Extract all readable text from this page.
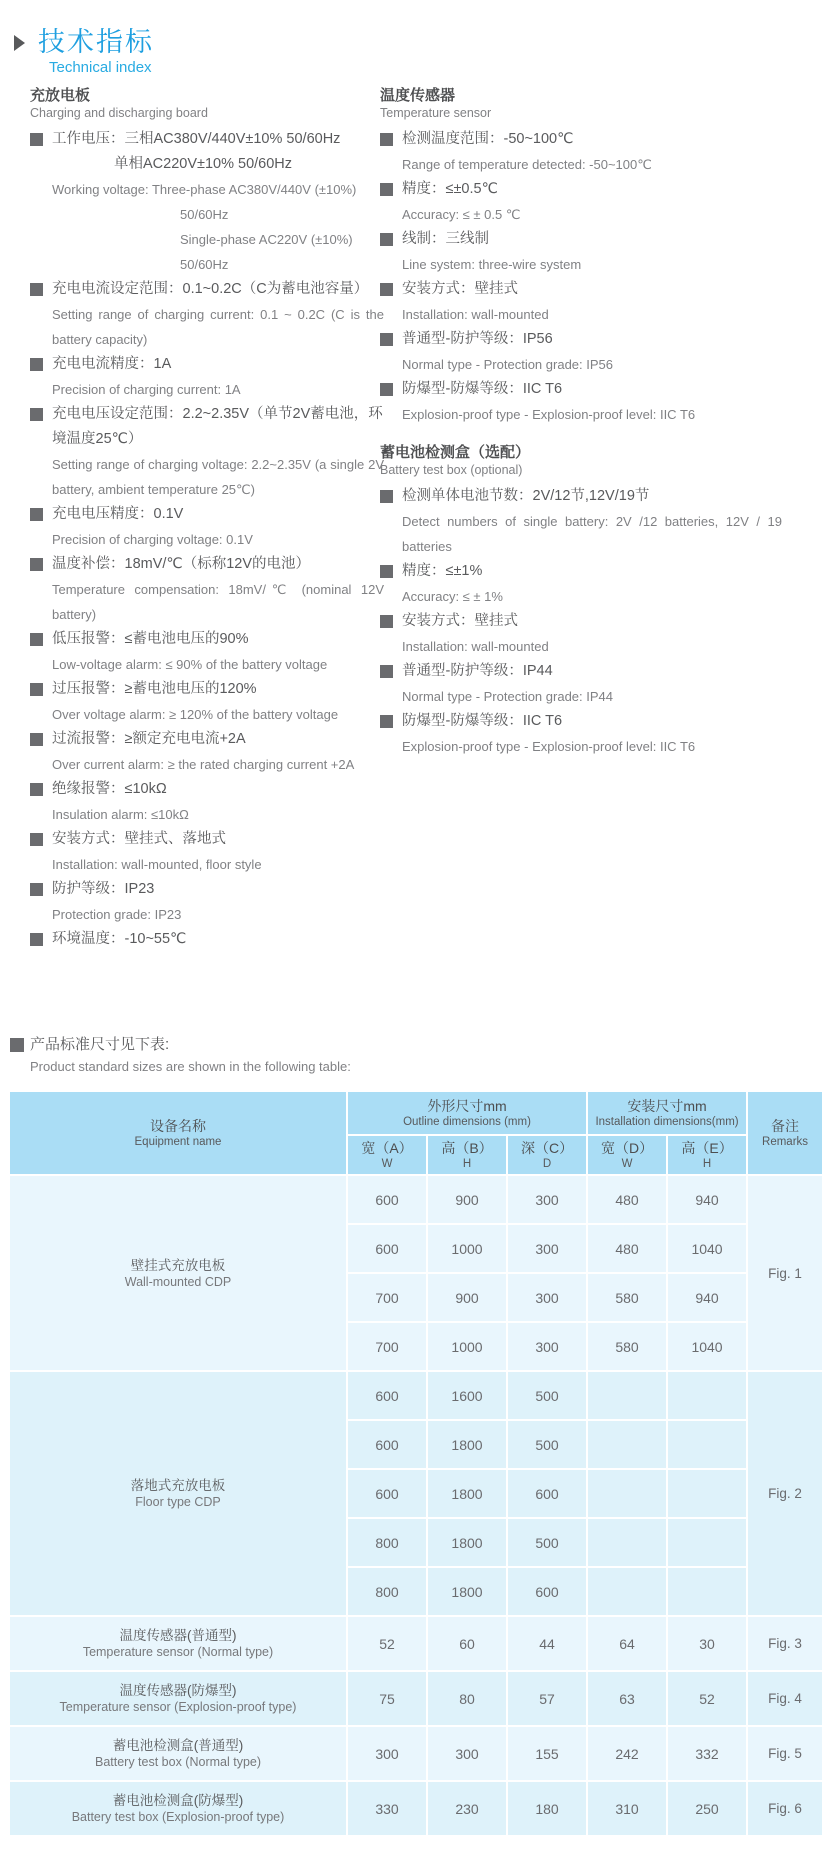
技术指标
Technical index
充放电板
Charging and discharging board
工作电压：三相AC380V/440V±10% 50/60Hz
单相AC220V±10% 50/60Hz
Working voltage: Three-phase AC380V/440V (±10%)
50/60Hz
Single-phase AC220V (±10%) 50/60Hz
充电电流设定范围：0.1~0.2C（C为蓄电池容量）
Setting range of charging current: 0.1 ~ 0.2C (C is the battery capacity)
充电电流精度：1A
Precision of charging current: 1A
充电电压设定范围：2.2~2.35V（单节2V蓄电池，环境温度25℃）
Setting range of charging voltage: 2.2~2.35V (a single 2V battery, ambient temperature 25℃)
充电电压精度：0.1V
Precision of charging voltage: 0.1V
温度补偿：18mV/℃（标称12V的电池）
Temperature compensation: 18mV/℃ (nominal 12V battery)
低压报警：≤蓄电池电压的90%
Low-voltage alarm: ≤ 90% of the battery voltage
过压报警：≥蓄电池电压的120%
Over voltage alarm: ≥ 120% of the battery voltage
过流报警：≥额定充电电流+2A
Over current alarm: ≥ the rated charging current +2A
绝缘报警：≤10kΩ
Insulation alarm: ≤10kΩ
安装方式：壁挂式、落地式
Installation: wall-mounted, floor style
防护等级：IP23
Protection grade: IP23
环境温度：-10~55℃
温度传感器
Temperature sensor
检测温度范围：-50~100℃
Range of temperature detected: -50~100℃
精度：≤±0.5℃
Accuracy: ≤ ± 0.5 ℃
线制：三线制
Line system: three-wire system
安装方式：壁挂式
Installation: wall-mounted
普通型-防护等级：IP56
Normal type - Protection grade: IP56
防爆型-防爆等级：IIC T6
Explosion-proof type - Explosion-proof level: IIC T6
蓄电池检测盒（选配）
Battery test box (optional)
检测单体电池节数：2V/12节,12V/19节
Detect numbers of single battery: 2V /12 batteries, 12V / 19 batteries
精度：≤±1%
Accuracy: ≤ ± 1%
安装方式：壁挂式
Installation: wall-mounted
普通型-防护等级：IP44
Normal type - Protection grade: IP44
防爆型-防爆等级：IIC T6
Explosion-proof type - Explosion-proof level: IIC T6
产品标准尺寸见下表:
Product standard sizes are shown in the following table:
设备名称
Equipment name

外形尺寸mm
Outline dimensions (mm)

安装尺寸mm
Installation dimensions(mm)	备注
Remarks

宽（A）
W

高（B）
H

深（C）
D

宽（D）
W

高（E）
H

壁挂式充放电板
Wall-mounted CDP	600	900	300	480	940	Fig. 1
	600	1000	300	480	1040	
	700	900	300	580	940	
	700	1000	300	580	1040	

落地式充放电板
Floor type CDP	600	1600	500			Fig. 2
	600	1800	500			
	600	1800	600			
	800	1800	500			
	800	1800	600			

温度传感器(普通型)
Temperature sensor (Normal type)	52	60	44	64	30	Fig. 3

温度传感器(防爆型)
Temperature sensor (Explosion-proof type)	75	80	57	63	52	Fig. 4

蓄电池检测盒(普通型)
Battery test box (Normal type)	300	300	155	242	332	Fig. 5

蓄电池检测盒(防爆型)
Battery test box (Explosion-proof type)	330	230	180	310	250	Fig. 6
